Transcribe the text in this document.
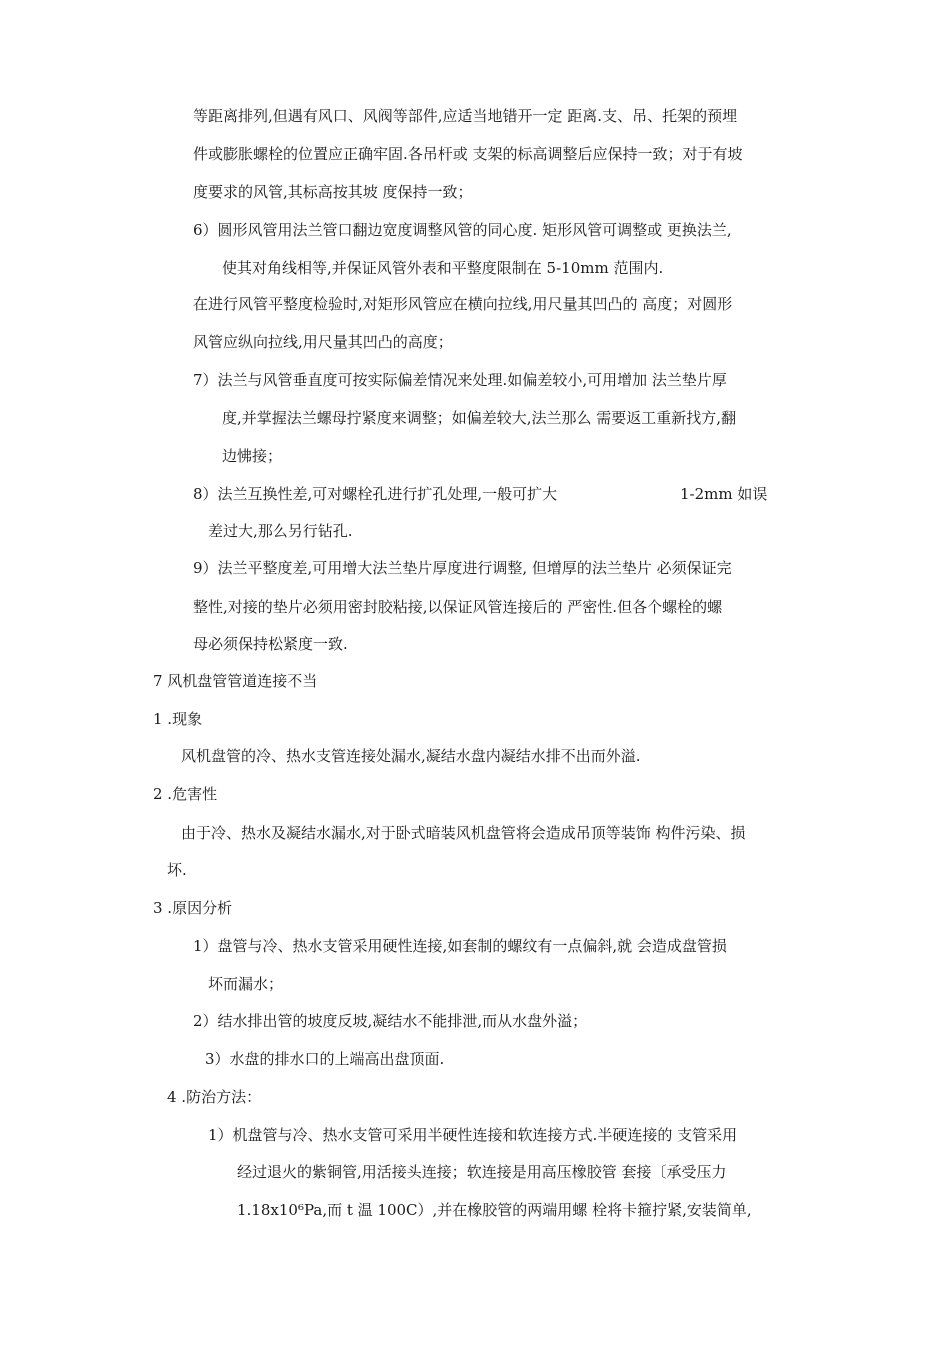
等距离排列,但遇有风口、风阀等部件,应适当地错开一定 距离.支、吊、托架的预埋
件或膨胀螺栓的位置应正确牢固.各吊杆或 支架的标高调整后应保持一致；对于有坡
度要求的风管,其标高按其坡 度保持一致；
6）圆形风管用法兰管口翻边宽度调整风管的同心度. 矩形风管可调整或 更换法兰,
使其对角线相等,并保证风管外表和平整度限制在 5-10mm 范围内.
在进行风管平整度检验时,对矩形风管应在横向拉线,用尺量其凹凸的 高度；对圆形
风管应纵向拉线,用尺量其凹凸的高度；
7）法兰与风管垂直度可按实际偏差情况来处理.如偏差较小,可用增加 法兰垫片厚
度,并掌握法兰螺母拧紧度来调整；如偏差较大,法兰那么 需要返工重新找方,翻
边怫接；
8）法兰互换性差,可对螺栓孔进行扩孔处理,一般可扩大	1-2mm 如误
差过大,那么另行钻孔.
9）法兰平整度差,可用增大法兰垫片厚度进行调整, 但增厚的法兰垫片 必须保证完
整性,对接的垫片必须用密封胶粘接,以保证风管连接后的 严密性.但各个螺栓的螺
母必须保持松紧度一致.
7 风机盘管管道连接不当
1 .现象
风机盘管的冷、热水支管连接处漏水,凝结水盘内凝结水排不出而外溢.
2 .危害性
由于冷、热水及凝结水漏水,对于卧式暗装风机盘管将会造成吊顶等装饰 构件污染、损
坏.
3 .原因分析
1）盘管与冷、热水支管采用硬性连接,如套制的螺纹有一点偏斜,就 会造成盘管损
坏而漏水；
2）结水排出管的坡度反坡,凝结水不能排泄,而从水盘外溢；
3）水盘的排水口的上端高出盘顶面.
4 .防治方法：
1）机盘管与冷、热水支管可采用半硬性连接和软连接方式.半硬连接的 支管采用
经过退火的紫铜管,用活接头连接；软连接是用高压橡胶管 套接〔承受压力
1.18x10⁶Pa,而 t 温 100C）,并在橡胶管的两端用螺 栓将卡箍拧紧,安装简单,
